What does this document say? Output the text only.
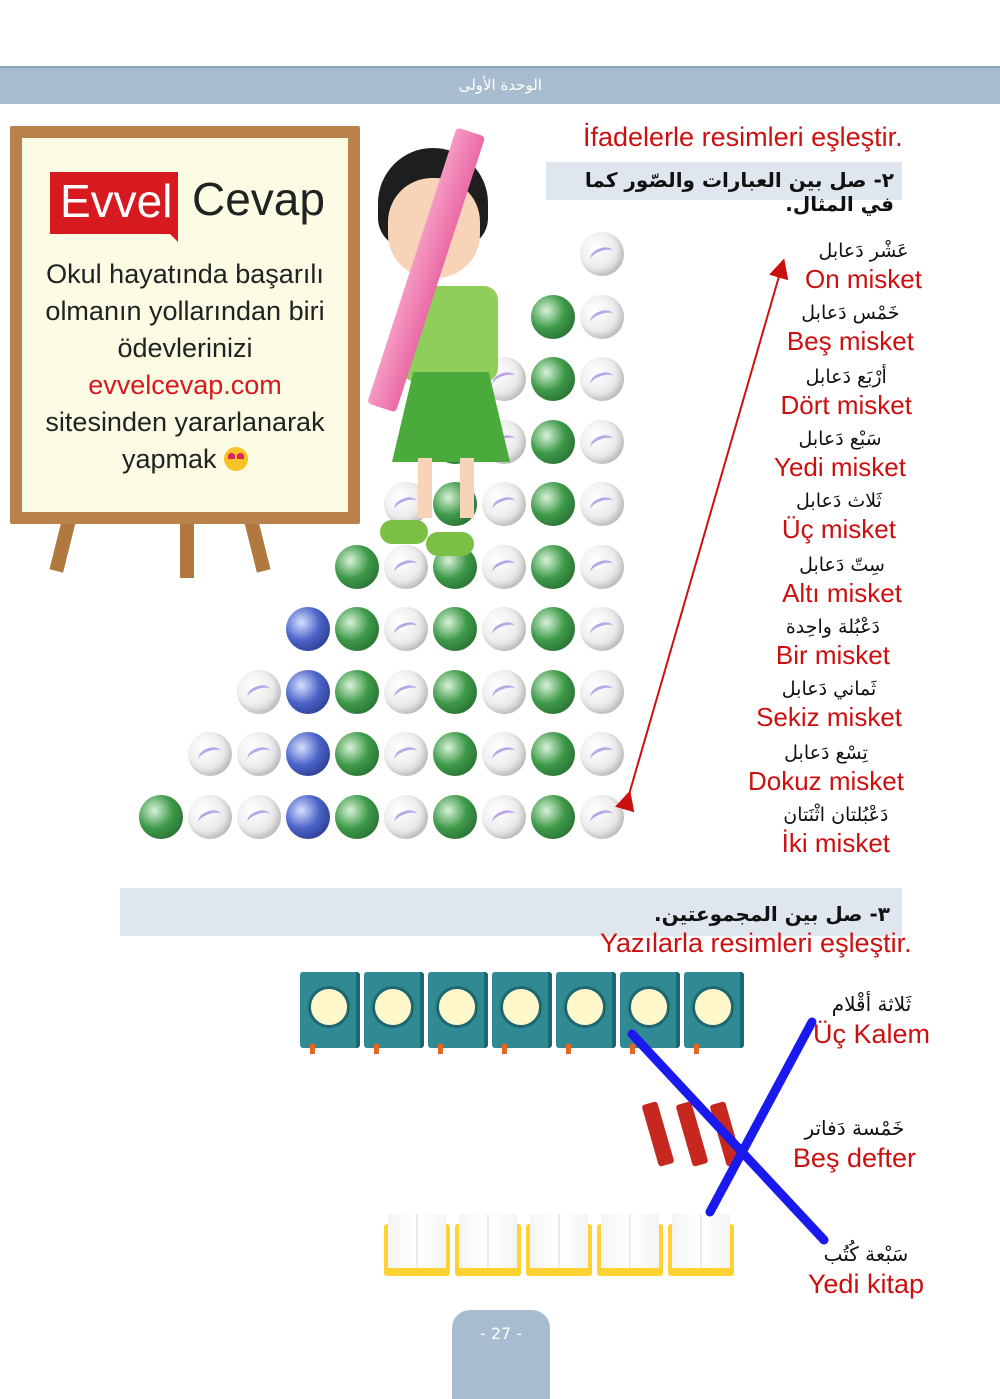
الوحدة الأولى
İfadelerle resimleri eşleştir.
٢- صل بين العبارات والصّور كما في المثال.
Evvel Cevap
Okul hayatında başarılı
olmanın yollarından biri
ödevlerinizi
evvelcevap.com
sitesinden yararlanarak
yapmak
عَشْر دَعابل
On misket
خَمْس دَعابل
Beş misket
أرْبَع دَعابل
Dört misket
سَبْع دَعابل
Yedi misket
ثَلاث دَعابل
Üç misket
سِتّ دَعابل
Altı misket
دَعْبُلة واحِدة
Bir misket
ثَماني دَعابل
Sekiz misket
تِسْع دَعابل
Dokuz misket
دَعْبُلتان اثْنَتان
İki misket
٣- صل بين المجموعتين.
Yazılarla resimleri eşleştir.
ثَلاثة أقْلام
Üç Kalem
خَمْسة دَفاتر
Beş defter
سَبْعة كُتُب
Yedi kitap
- 27 -
